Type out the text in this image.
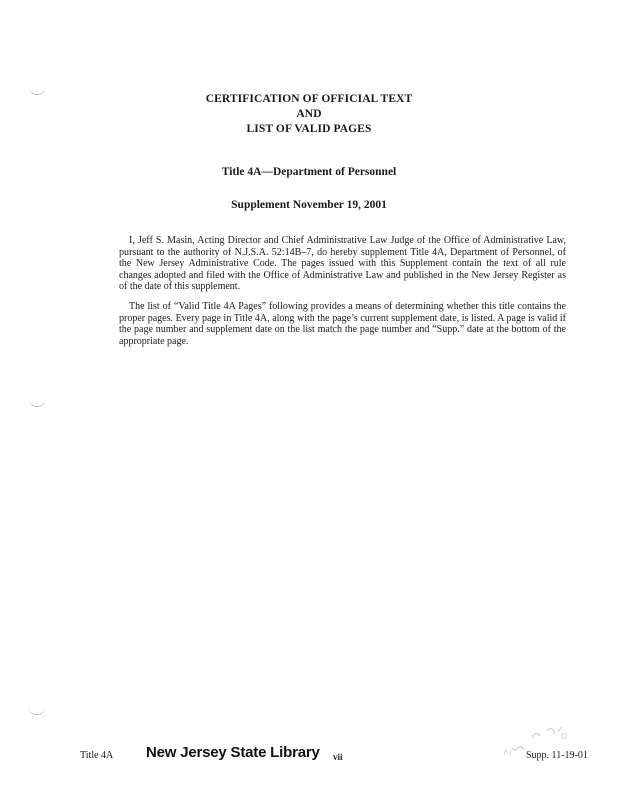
CERTIFICATION OF OFFICIAL TEXT
AND
LIST OF VALID PAGES
Title 4A—Department of Personnel
Supplement November 19, 2001

I, Jeff S. Masin, Acting Director and Chief Administrative Law Judge of the Office of Administrative Law, pursuant to the authority of N.J.S.A. 52:14B–7, do hereby supplement Title 4A, Department of Personnel, of the New Jersey Administrative Code. The pages issued with this Supplement contain the text of all rule changes adopted and filed with the Office of Administrative Law and published in the New Jersey Register as of the date of this supplement.

The list of “Valid Title 4A Pages” following provides a means of determining whether this title contains the proper pages. Every page in Title 4A, along with the page’s current supplement date, is listed. A page is valid if the page number and supplement date on the list match the page number and “Supp.” date at the bottom of the appropriate page.

Title 4A New Jersey State Library vii	Supp. 11-19-01
